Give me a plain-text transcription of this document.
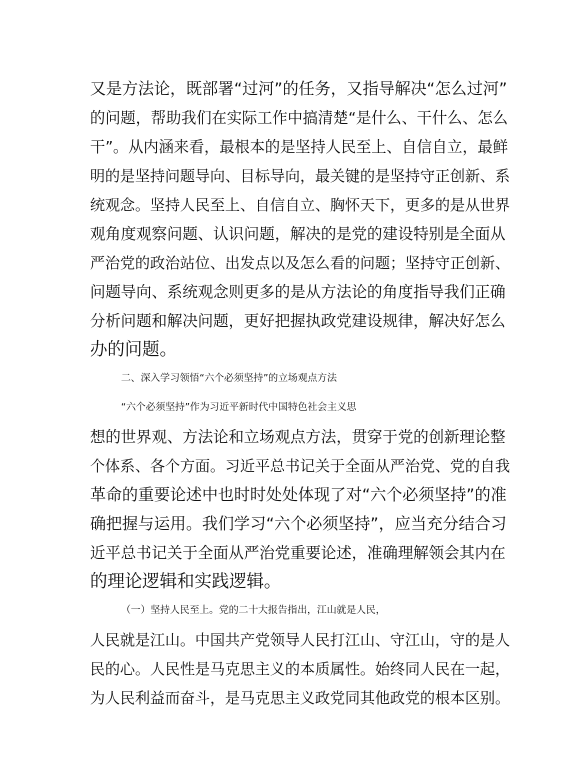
又是方法论，既部署“过河”的任务，又指导解决“怎么过河”
的问题，帮助我们在实际工作中搞清楚“是什么、干什么、怎么
干”。从内涵来看，最根本的是坚持人民至上、自信自立，最鲜
明的是坚持问题导向、目标导向，最关键的是坚持守正创新、系
统观念。坚持人民至上、自信自立、胸怀天下，更多的是从世界
观角度观察问题、认识问题，解决的是党的建设特别是全面从
严治党的政治站位、出发点以及怎么看的问题；坚持守正创新、
问题导向、系统观念则更多的是从方法论的角度指导我们正确
分析问题和解决问题，更好把握执政党建设规律，解决好怎么
办的问题。
二、深入学习领悟“六个必须坚持”的立场观点方法
“六个必须坚持”作为习近平新时代中国特色社会主义思
想的世界观、方法论和立场观点方法，贯穿于党的创新理论整
个体系、各个方面。习近平总书记关于全面从严治党、党的自我
革命的重要论述中也时时处处体现了对“六个必须坚持”的准
确把握与运用。我们学习“六个必须坚持”，应当充分结合习
近平总书记关于全面从严治党重要论述，准确理解领会其内在
的理论逻辑和实践逻辑。
（一）坚持人民至上。党的二十大报告指出，江山就是人民，
人民就是江山。中国共产党领导人民打江山、守江山，守的是人
民的心。人民性是马克思主义的本质属性。始终同人民在一起，
为人民利益而奋斗，是马克思主义政党同其他政党的根本区别。
